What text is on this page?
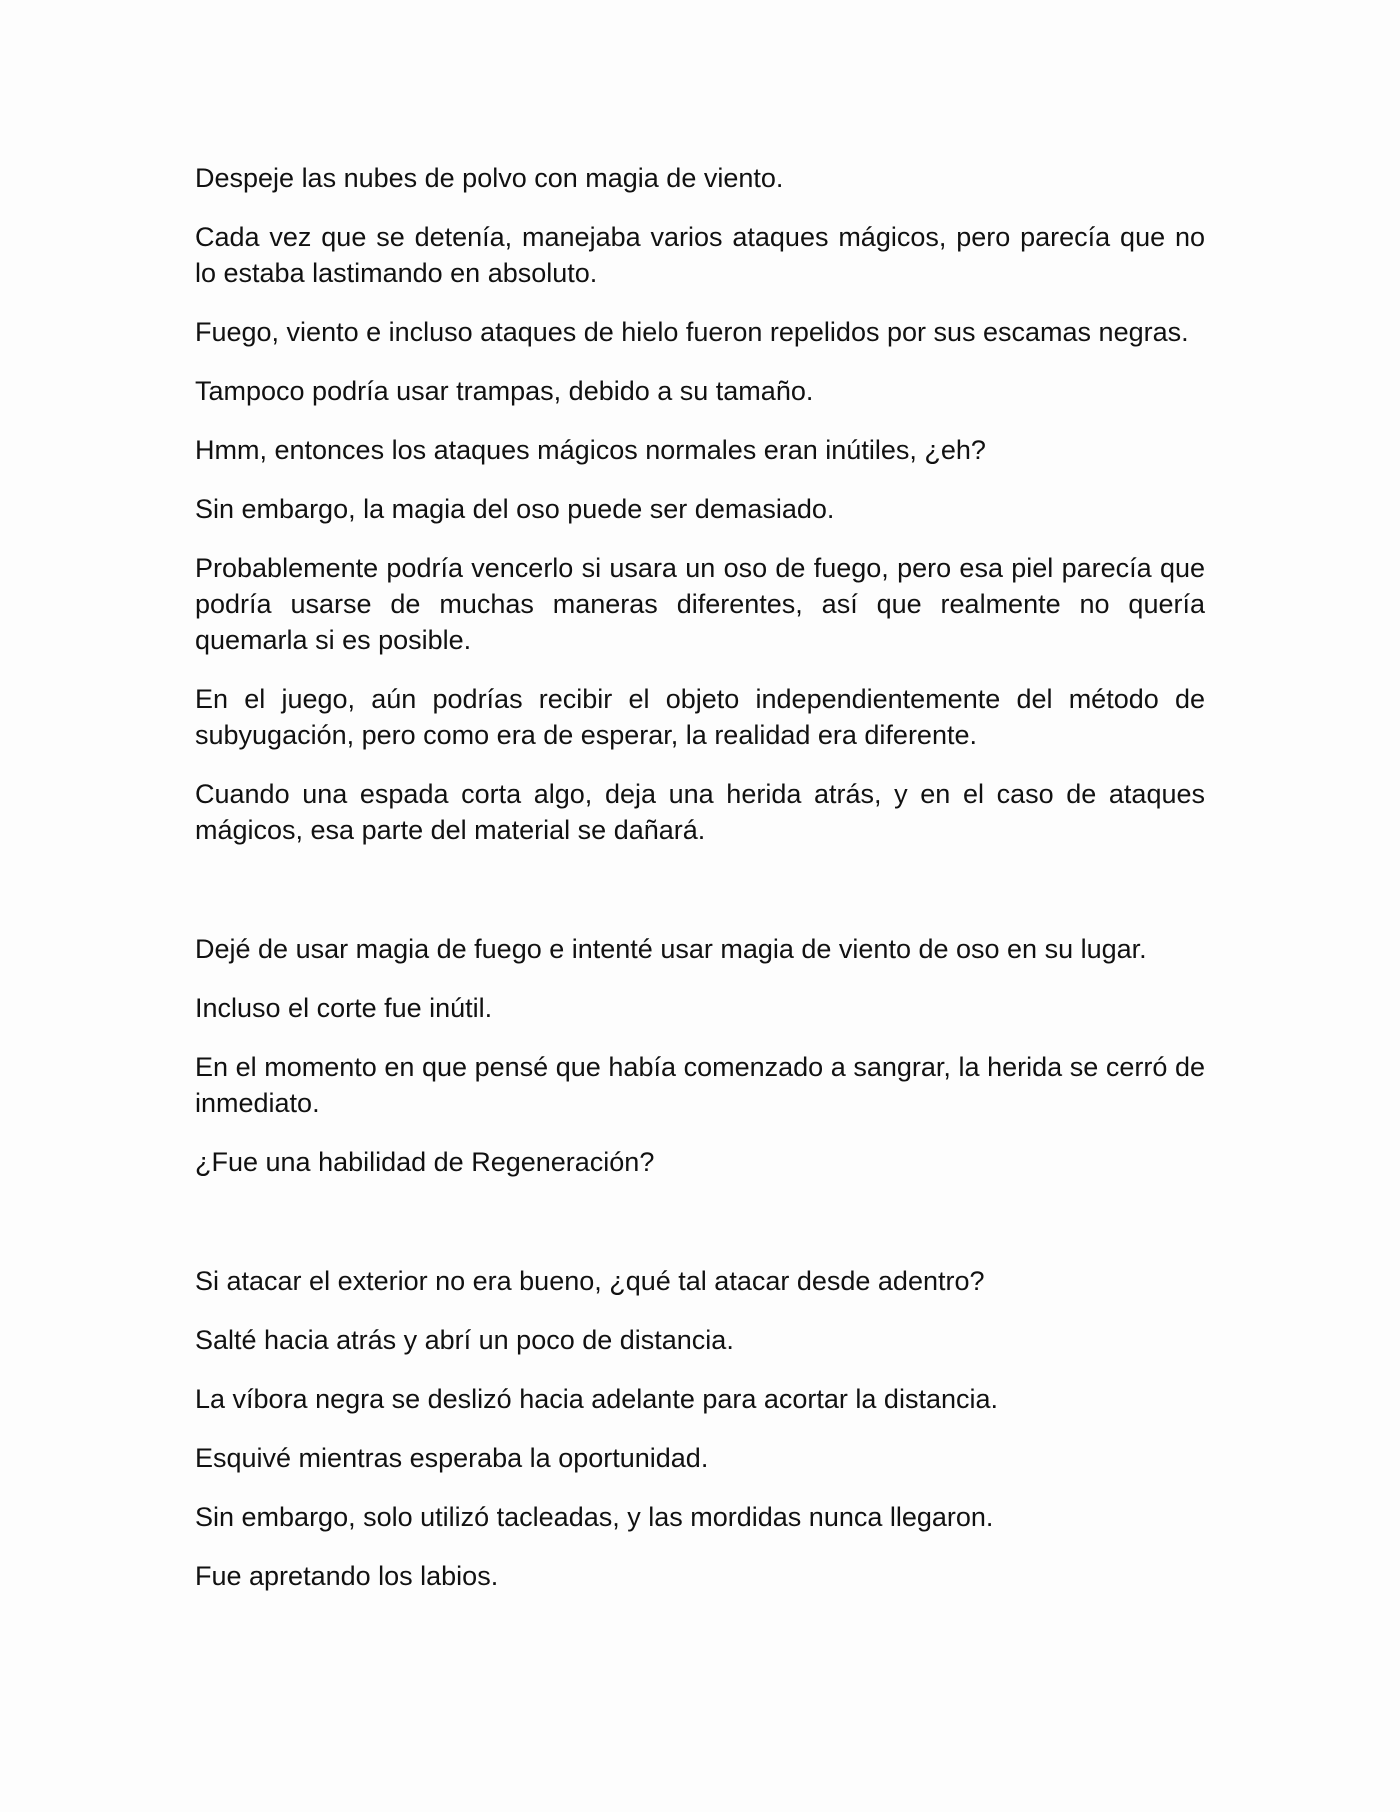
Despeje las nubes de polvo con magia de viento.

Cada vez que se detenía, manejaba varios ataques mágicos, pero parecía que no lo estaba lastimando en absoluto.

Fuego, viento e incluso ataques de hielo fueron repelidos por sus escamas negras.

Tampoco podría usar trampas, debido a su tamaño.

Hmm, entonces los ataques mágicos normales eran inútiles, ¿eh?

Sin embargo, la magia del oso puede ser demasiado.

Probablemente podría vencerlo si usara un oso de fuego, pero esa piel parecía que podría usarse de muchas maneras diferentes, así que realmente no quería quemarla si es posible.

En el juego, aún podrías recibir el objeto independientemente del método de subyugación, pero como era de esperar, la realidad era diferente.

Cuando una espada corta algo, deja una herida atrás, y en el caso de ataques mágicos, esa parte del material se dañará.

Dejé de usar magia de fuego e intenté usar magia de viento de oso en su lugar.

Incluso el corte fue inútil.

En el momento en que pensé que había comenzado a sangrar, la herida se cerró de inmediato.

¿Fue una habilidad de Regeneración?

Si atacar el exterior no era bueno, ¿qué tal atacar desde adentro?

Salté hacia atrás y abrí un poco de distancia.

La víbora negra se deslizó hacia adelante para acortar la distancia.

Esquivé mientras esperaba la oportunidad.

Sin embargo, solo utilizó tacleadas, y las mordidas nunca llegaron.

Fue apretando los labios.
